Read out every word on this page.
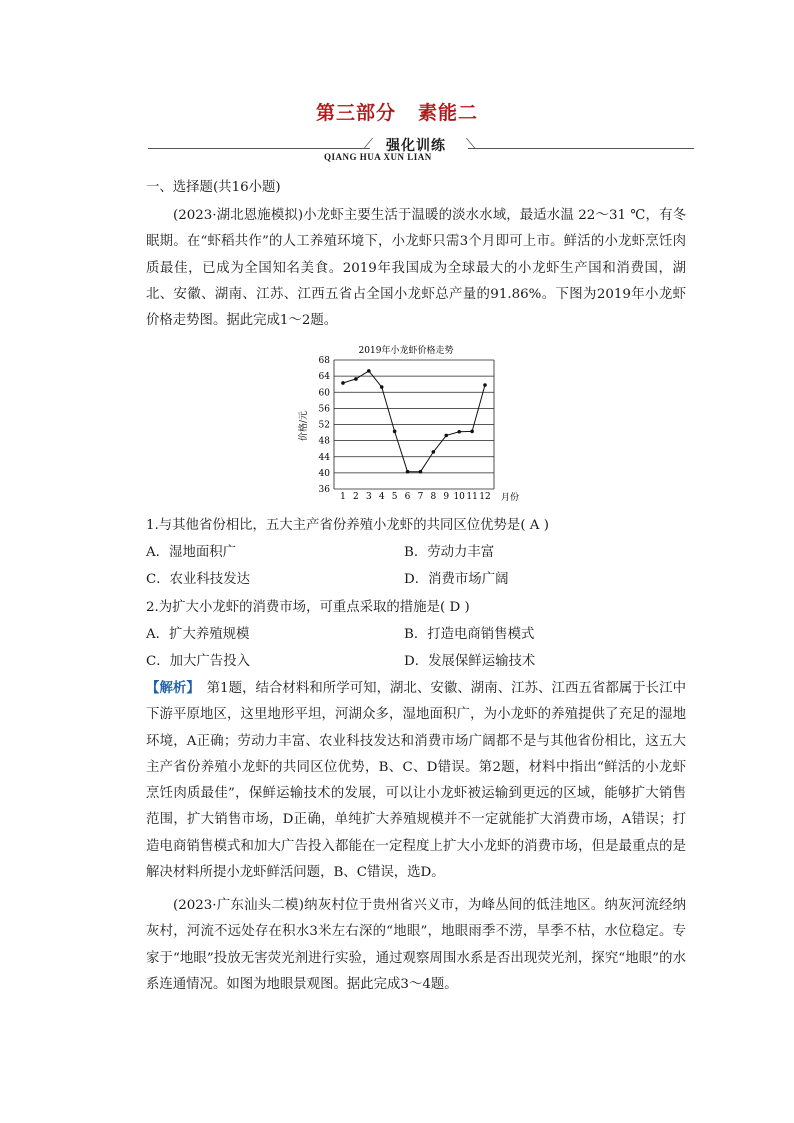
第三部分 素能二
强化训练
QIANG HUA XUN LIAN
一、选择题(共16小题)
(2023·湖北恩施模拟)小龙虾主要生活于温暖的淡水水域，最适水温 22～31 ℃，有冬眠期。在“虾稻共作”的人工养殖环境下，小龙虾只需3个月即可上市。鲜活的小龙虾烹饪肉质最佳，已成为全国知名美食。2019年我国成为全球最大的小龙虾生产国和消费国，湖北、安徽、湖南、江苏、江西五省占全国小龙虾总产量的91.86%。下图为2019年小龙虾价格走势图。据此完成1～2题。
2019年小龙虾价格走势
36
40
44
48
52
56
60
64
68
1 2 3 4 5 6 7 8 9 10 11 12
价格/元
月份
1.与其他省份相比，五大主产省份养殖小龙虾的共同区位优势是( A )
A．湿地面积广	B．劳动力丰富
C．农业科技发达	D．消费市场广阔
2.为扩大小龙虾的消费市场，可重点采取的措施是( D )
A．扩大养殖规模	B．打造电商销售模式
C．加大广告投入	D．发展保鲜运输技术
【解析】　第1题，结合材料和所学可知，湖北、安徽、湖南、江苏、江西五省都属于长江中下游平原地区，这里地形平坦，河湖众多，湿地面积广，为小龙虾的养殖提供了充足的湿地环境，A正确；劳动力丰富、农业科技发达和消费市场广阔都不是与其他省份相比，这五大主产省份养殖小龙虾的共同区位优势，B、C、D错误。第2题，材料中指出“鲜活的小龙虾烹饪肉质最佳”，保鲜运输技术的发展，可以让小龙虾被运输到更远的区域，能够扩大销售范围，扩大销售市场，D正确，单纯扩大养殖规模并不一定就能扩大消费市场，A错误；打造电商销售模式和加大广告投入都能在一定程度上扩大小龙虾的消费市场，但是最重点的是解决材料所提小龙虾鲜活问题，B、C错误，选D。
(2023·广东汕头二模)纳灰村位于贵州省兴义市，为峰丛间的低洼地区。纳灰河流经纳灰村，河流不远处存在积水3米左右深的“地眼”，地眼雨季不涝，旱季不枯，水位稳定。专家于“地眼”投放无害荧光剂进行实验，通过观察周围水系是否出现荧光剂，探究“地眼”的水系连通情况。如图为地眼景观图。据此完成3～4题。
